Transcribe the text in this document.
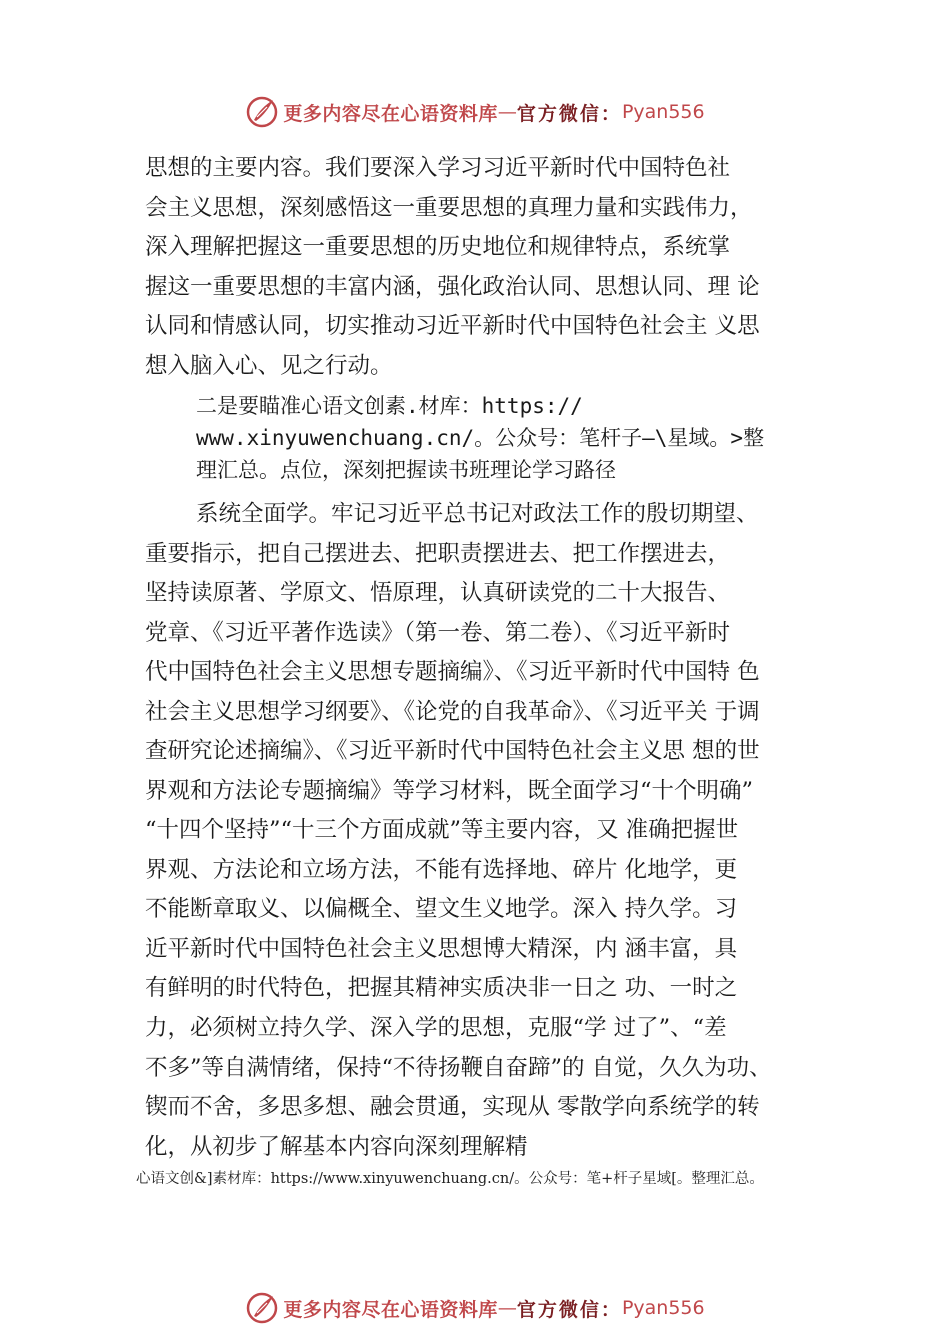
更多内容尽在心语资料库 — 官方微信： Pyan556
思想的主要内容。我们要深入学习习近平新时代中国特色社
会主义思想，深刻感悟这一重要思想的真理力量和实践伟力，
深入理解把握这一重要思想的历史地位和规律特点，系统掌
握这一重要思想的丰富内涵，强化政治认同、思想认同、理 论
认同和情感认同，切实推动习近平新时代中国特色社会主 义思
想入脑入心、见之行动。
二是要瞄准心语文创素.材库：https://
www.xinyuwenchuang.cn/。公众号：笔杆子—\星域。>整
理汇总。点位，深刻把握读书班理论学习路径
系统全面学。牢记习近平总书记对政法工作的殷切期望、
重要指示，把自己摆进去、把职责摆进去、把工作摆进去，
坚持读原著、学原文、悟原理，认真研读党的二十大报告、
党章、《习近平著作选读》（第一卷、第二卷）、《习近平新时
代中国特色社会主义思想专题摘编》、《习近平新时代中国特 色
社会主义思想学习纲要》、《论党的自我革命》、《习近平关 于调
查研究论述摘编》、《习近平新时代中国特色社会主义思 想的世
界观和方法论专题摘编》等学习材料，既全面学习“十个明确”
“十四个坚持”“十三个方面成就”等主要内容，又 准确把握世
界观、方法论和立场方法，不能有选择地、碎片 化地学，更
不能断章取义、以偏概全、望文生义地学。深入 持久学。习
近平新时代中国特色社会主义思想博大精深，内 涵丰富，具
有鲜明的时代特色，把握其精神实质决非一日之 功、一时之
力，必须树立持久学、深入学的思想，克服“学 过了”、“差
不多”等自满情绪，保持“不待扬鞭自奋蹄”的 自觉，久久为功、
锲而不舍，多思多想、融会贯通，实现从 零散学向系统学的转
化，从初步了解基本内容向深刻理解精
心语文创&]素材库：https://www.xinyuwenchuang.cn/。公众号：笔+杆子星域[。整理汇总。
更多内容尽在心语资料库 — 官方微信： Pyan556
